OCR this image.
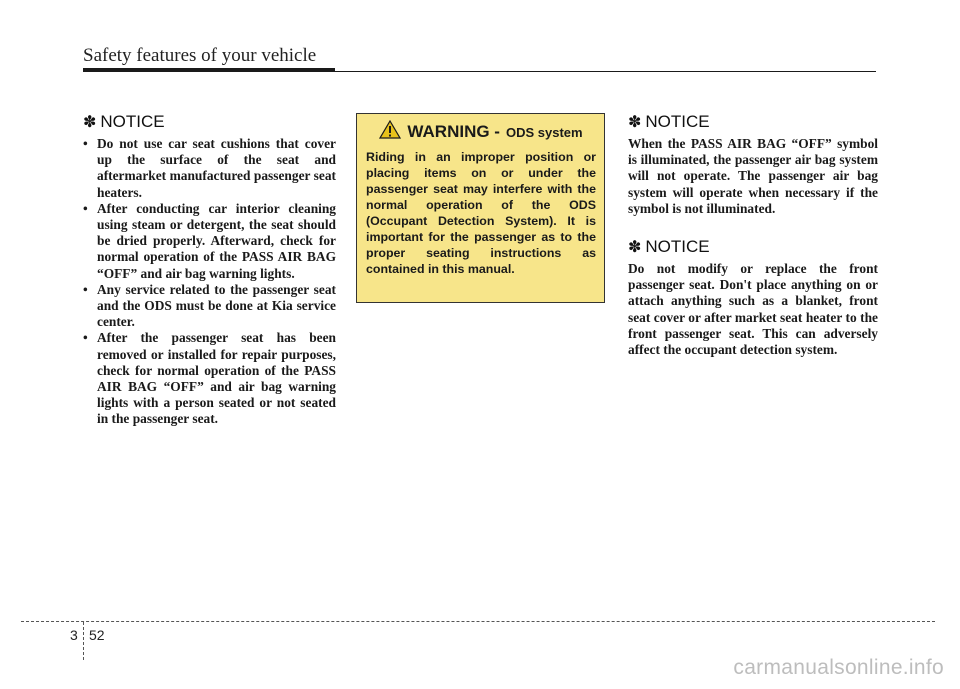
Safety features of your vehicle
✽ NOTICE
• Do not use car seat cushions that cover up the surface of the seat and aftermarket manufactured passenger seat heaters.
• After conducting car interior cleaning using steam or detergent, the seat should be dried properly. Afterward, check for normal operation of the PASS AIR BAG “OFF” and air bag warning lights.
• Any service related to the passenger seat and the ODS must be done at Kia service center.
• After the passenger seat has been removed or installed for repair purposes, check for normal operation of the PASS AIR BAG “OFF” and air bag warning lights with a person seated or not seated in the passenger seat.
WARNING - ODS system
Riding in an improper position or placing items on or under the passenger seat may interfere with the normal operation of the ODS (Occupant Detection System). It is important for the passenger as to the proper seating instructions as contained in this manual.
✽ NOTICE

When the PASS AIR BAG “OFF” symbol is illuminated, the passenger air bag system will not operate. The passenger air bag system will operate when necessary if the symbol is not illuminated.

✽ NOTICE

Do not modify or replace the front passenger seat. Don't place anything on or attach anything such as a blanket, front seat cover or after market seat heater to the front passenger seat. This can adversely affect the occupant detection system.

3 52
carmanualsonline.info
